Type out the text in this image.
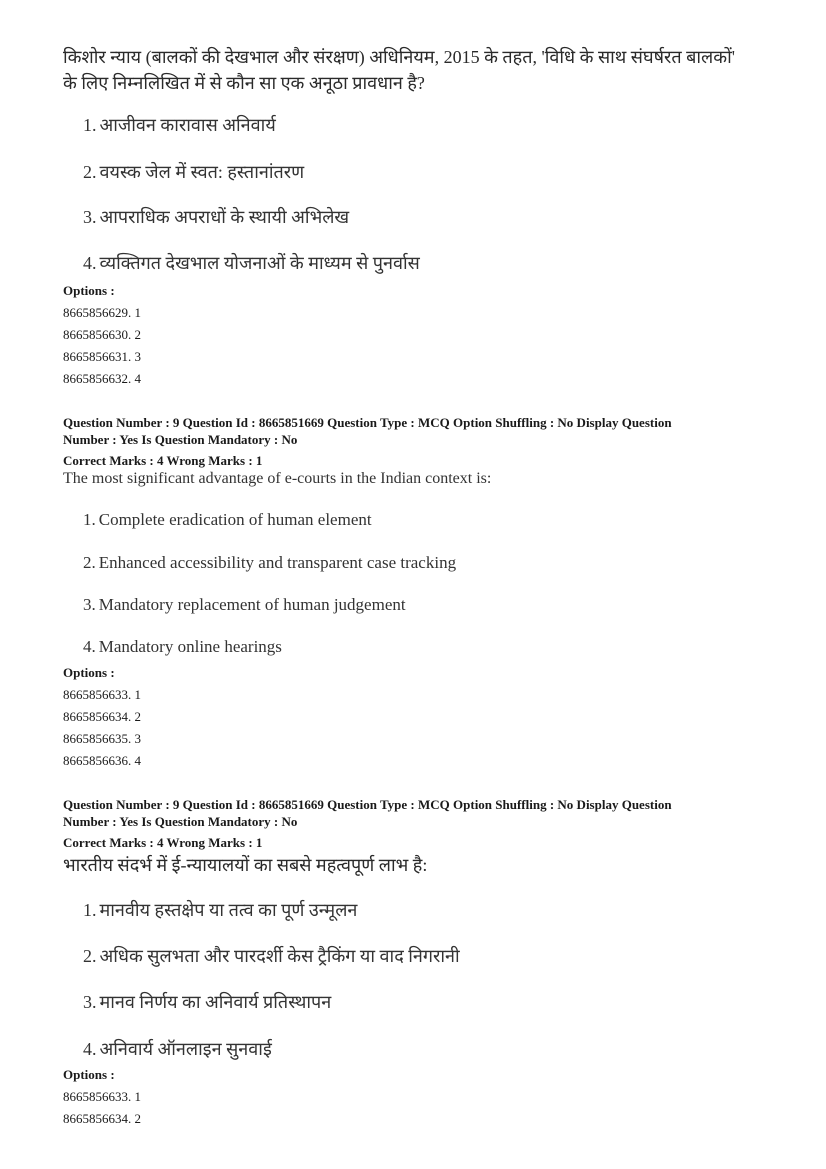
किशोर न्याय (बालकों की देखभाल और संरक्षण) अधिनियम, 2015 के तहत, 'विधि के साथ संघर्षरत बालकों' के लिए निम्नलिखित में से कौन सा एक अनूठा प्रावधान है?
1. आजीवन कारावास अनिवार्य
2. वयस्क जेल में स्वत: हस्तानांतरण
3. आपराधिक अपराधों के स्थायी अभिलेख
4. व्यक्तिगत देखभाल योजनाओं के माध्यम से पुनर्वास
Options :
8665856629. 1
8665856630. 2
8665856631. 3
8665856632. 4
Question Number : 9 Question Id : 8665851669 Question Type : MCQ Option Shuffling : No Display Question
Number : Yes Is Question Mandatory : No
Correct Marks : 4 Wrong Marks : 1
The most significant advantage of e-courts in the Indian context is:
1. Complete eradication of human element
2. Enhanced accessibility and transparent case tracking
3. Mandatory replacement of human judgement
4. Mandatory online hearings
Options :
8665856633. 1
8665856634. 2
8665856635. 3
8665856636. 4
Question Number : 9 Question Id : 8665851669 Question Type : MCQ Option Shuffling : No Display Question
Number : Yes Is Question Mandatory : No
Correct Marks : 4 Wrong Marks : 1
भारतीय संदर्भ में ई-न्यायालयों का सबसे महत्वपूर्ण लाभ है:
1. मानवीय हस्तक्षेप या तत्व का पूर्ण उन्मूलन
2. अधिक सुलभता और पारदर्शी केस ट्रैकिंग या वाद निगरानी
3. मानव निर्णय का अनिवार्य प्रतिस्थापन
4. अनिवार्य ऑनलाइन सुनवाई
Options :
8665856633. 1
8665856634. 2
